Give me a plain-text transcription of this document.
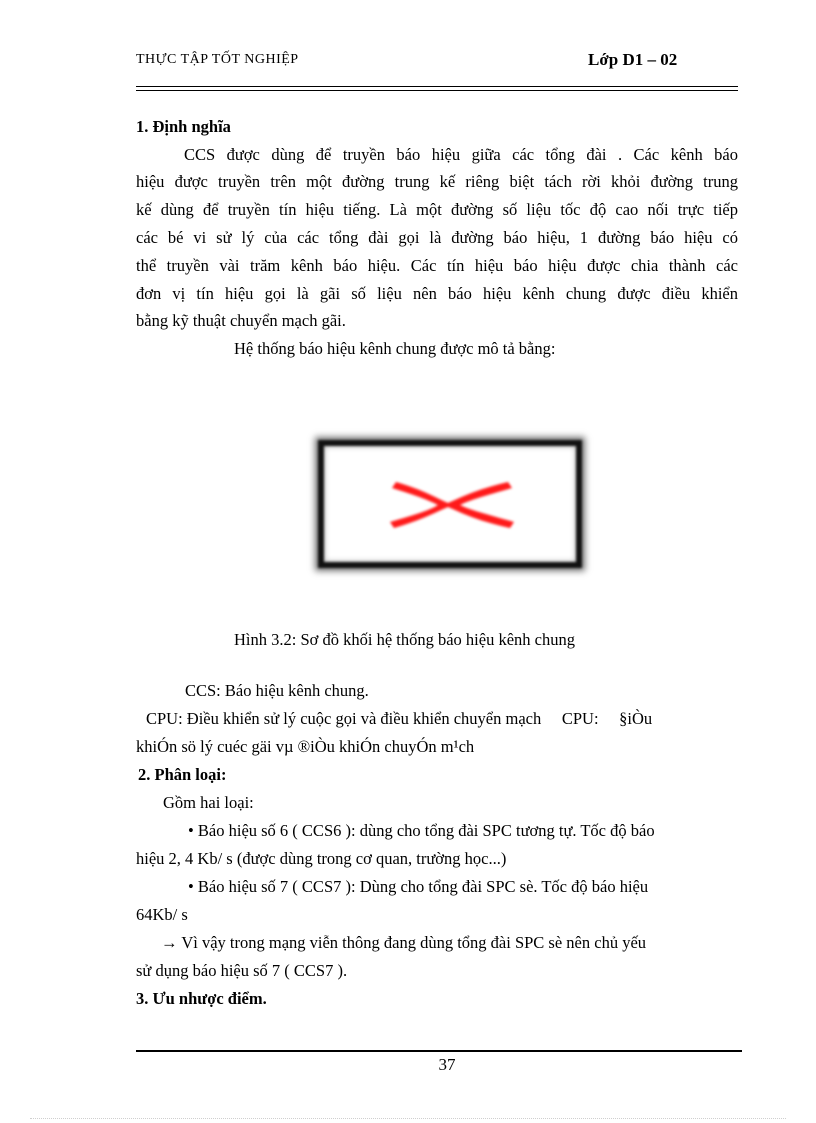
THỰC TẬP TỐT NGHIỆP	Lớp D1 – 02
1. Định nghĩa
CCS được dùng để truyền báo hiệu giữa các tổng đài . Các kênh báo
hiệu được truyền trên một đường trung kế riêng biệt tách rời khỏi đường trung
kế dùng để truyền tín hiệu tiếng. Là một đường số liệu tốc độ cao nối trực tiếp
các bé vi sử lý của các tổng đài gọi là đường báo hiệu, 1 đường báo hiệu có
thể truyền vài trăm kênh báo hiệu. Các tín hiệu báo hiệu được chia thành các
đơn vị tín hiệu gọi là gãi số liệu nên báo hiệu kênh chung được điều khiển
bằng kỹ thuật chuyển mạch gãi.
Hệ thống báo hiệu kênh chung được mô tả bằng:
Hình 3.2: Sơ đồ khối hệ thống báo hiệu kênh chung
CCS: Báo hiệu kênh chung.
CPU: Điều khiển sử lý cuộc gọi và điều khiển chuyển mạch     CPU:     §iÒu
khiÓn sö lý cuéc gäi vµ ®iÒu khiÓn chuyÓn m¹ch
2. Phân loại:
Gồm hai loại:
• Báo hiệu số 6 ( CCS6 ): dùng cho tổng đài SPC tương tự. Tốc độ báo
hiệu 2, 4 Kb/ s (được dùng trong cơ quan, trường học...)
• Báo hiệu số 7 ( CCS7 ): Dùng cho tổng đài SPC sè. Tốc độ báo hiệu
64Kb/ s
→ Vì vậy trong mạng viễn thông đang dùng tổng đài SPC sè nên chủ yếu
sử dụng báo hiệu số 7 ( CCS7 ).
3. Ưu nhược điểm.
37
